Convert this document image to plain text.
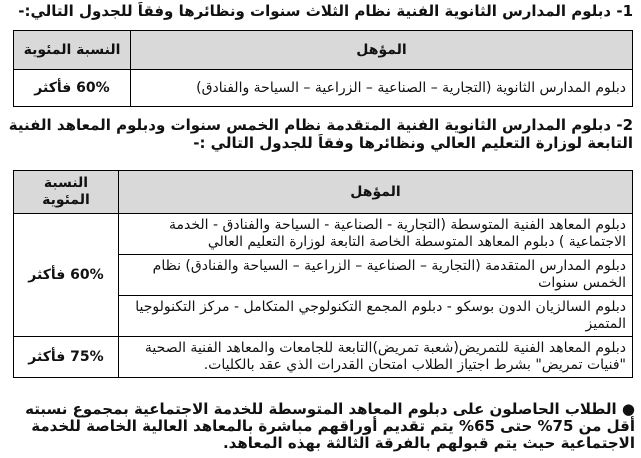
1- دبلوم المدارس الثانوية الفنية نظام الثلاث سنوات ونظائرها وفقاً للجدول التالي:-
المؤهل	النسبة المئوية
دبلوم المدارس الثانوية (التجارية – الصناعية – الزراعية – السياحة والفنادق)	60% فأكثر
2- دبلوم المدارس الثانوية الفنية المتقدمة نظام الخمس سنوات ودبلوم المعاهد الفنية
التابعة لوزارة التعليم العالي ونظائرها وفقاً للجدول التالي :-
المؤهل	النسبة
المئوية

دبلوم المعاهد الفنية المتوسطة (التجارية - الصناعية - السياحة والفنادق - الخدمة الاجتماعية ) دبلوم المعاهد المتوسطة الخاصة التابعة لوزارة التعليم العالي	60% فأكثر
دبلوم المدارس المتقدمة (التجارية – الصناعية – الزراعية – السياحة والفنادق) نظام الخمس سنوات	
دبلوم السالزيان الدون بوسكو - دبلوم المجمع التكنولوجي المتكامل - مركز التكنولوجيا المتميز	
دبلوم المعاهد الفنية للتمريض(شعبة تمريض)التابعة للجامعات والمعاهد الفنية الصحية "فنيات تمريض" بشرط اجتياز الطلاب امتحان القدرات الذي عقد بالكليات.	75% فأكثر
● الطلاب الحاصلون على دبلوم المعاهد المتوسطة للخدمة الاجتماعية بمجموع نسبته أقل من 75% حتى 65% يتم تقديم أوراقهم مباشرة بالمعاهد العالية الخاصة للخدمة الاجتماعية حيث يتم قبولهم بالفرقة الثالثة بهذه المعاهد.
